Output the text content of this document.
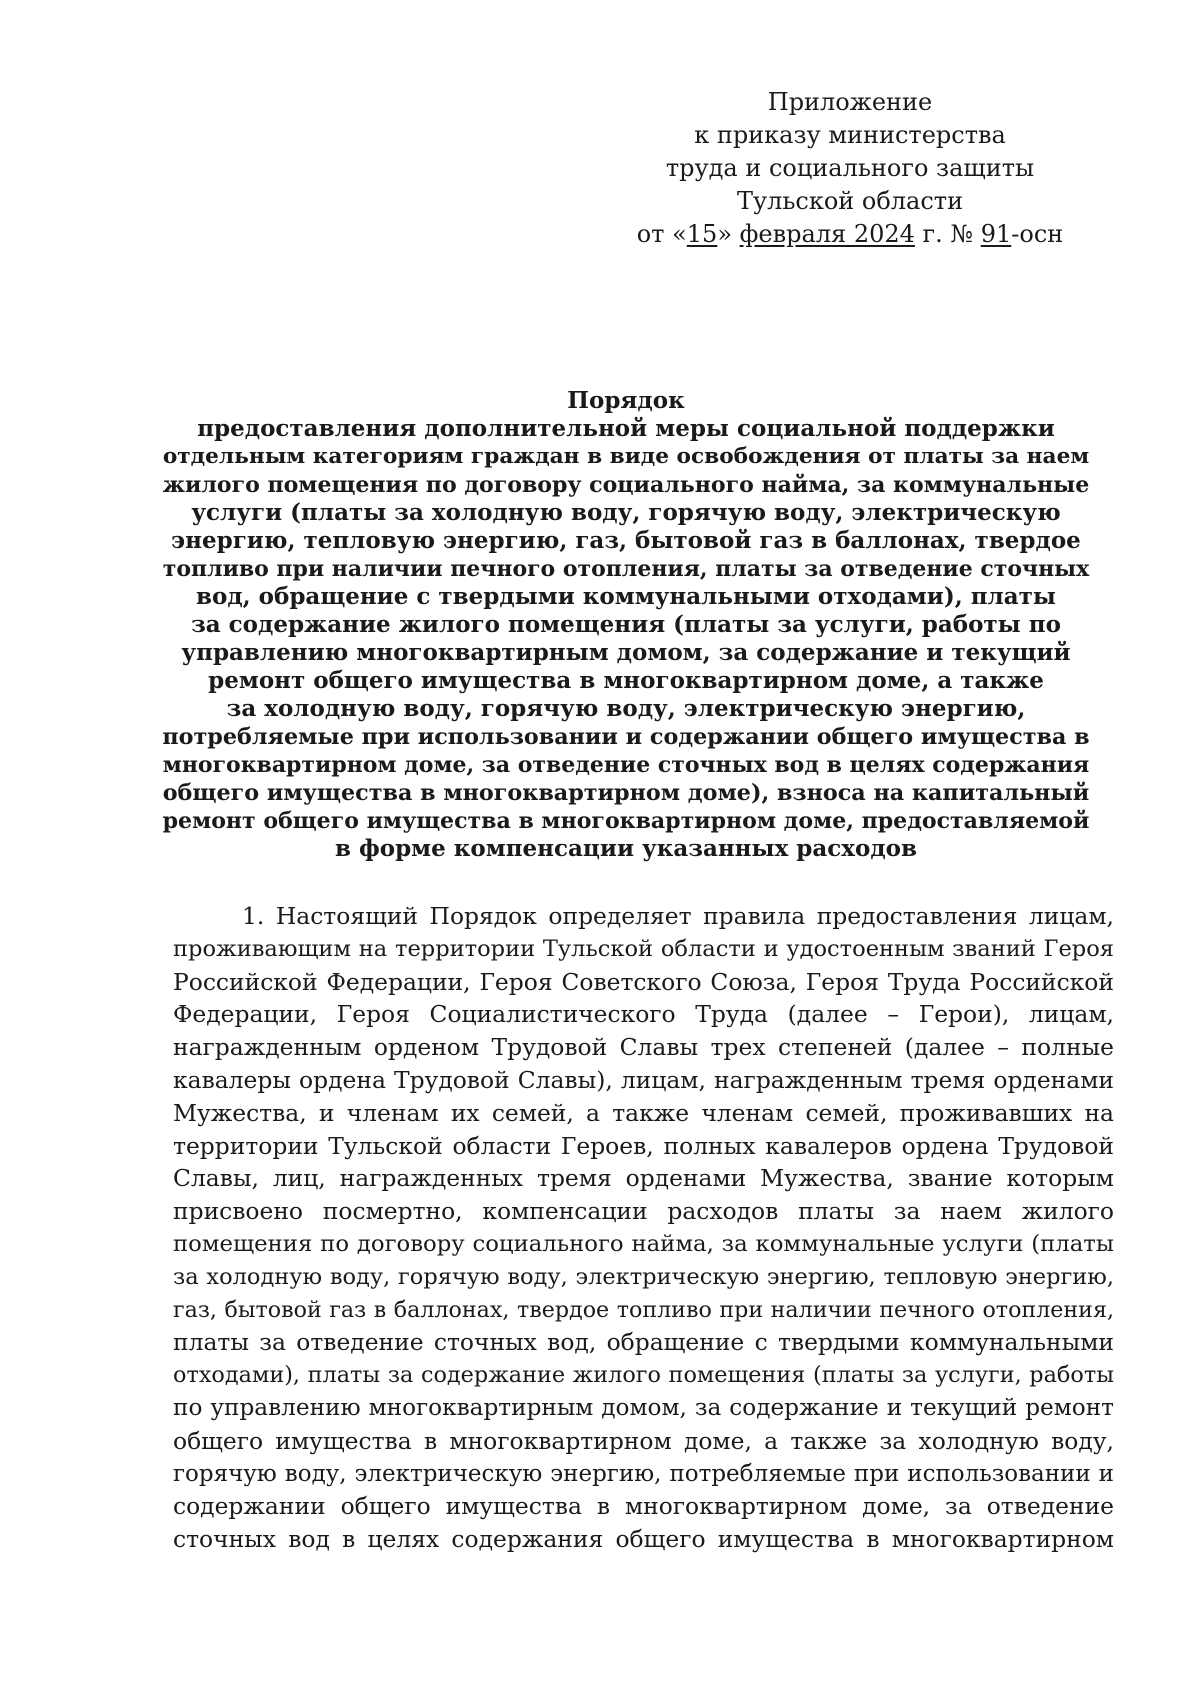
Приложение
к приказу министерства
труда и социального защиты
Тульской области
от «15» февраля 2024 г. № 91-осн
Порядок
предоставления дополнительной меры социальной поддержки
отдельным категориям граждан в виде освобождения от платы за наем
жилого помещения по договору социального найма, за коммунальные
услуги (платы за холодную воду, горячую воду, электрическую
энергию, тепловую энергию, газ, бытовой газ в баллонах, твердое
топливо при наличии печного отопления, платы за отведение сточных
вод, обращение с твердыми коммунальными отходами), платы
за содержание жилого помещения (платы за услуги, работы по
управлению многоквартирным домом, за содержание и текущий
ремонт общего имущества в многоквартирном доме, а также
за холодную воду, горячую воду, электрическую энергию,
потребляемые при использовании и содержании общего имущества в
многоквартирном доме, за отведение сточных вод в целях содержания
общего имущества в многоквартирном доме), взноса на капитальный
ремонт общего имущества в многоквартирном доме, предоставляемой
в форме компенсации указанных расходов
1. Настоящий Порядок определяет правила предоставления лицам,
проживающим на территории Тульской области и удостоенным званий Героя
Российской Федерации, Героя Советского Союза, Героя Труда Российской
Федерации, Героя Социалистического Труда (далее – Герои), лицам,
награжденным орденом Трудовой Славы трех степеней (далее – полные
кавалеры ордена Трудовой Славы), лицам, награжденным тремя орденами
Мужества, и членам их семей, а также членам семей, проживавших на
территории Тульской области Героев, полных кавалеров ордена Трудовой
Славы, лиц, награжденных тремя орденами Мужества, звание которым
присвоено посмертно, компенсации расходов платы за наем жилого
помещения по договору социального найма, за коммунальные услуги (платы
за холодную воду, горячую воду, электрическую энергию, тепловую энергию,
газ, бытовой газ в баллонах, твердое топливо при наличии печного отопления,
платы за отведение сточных вод, обращение с твердыми коммунальными
отходами), платы за содержание жилого помещения (платы за услуги, работы
по управлению многоквартирным домом, за содержание и текущий ремонт
общего имущества в многоквартирном доме, а также за холодную воду,
горячую воду, электрическую энергию, потребляемые при использовании и
содержании общего имущества в многоквартирном доме, за отведение
сточных вод в целях содержания общего имущества в многоквартирном
